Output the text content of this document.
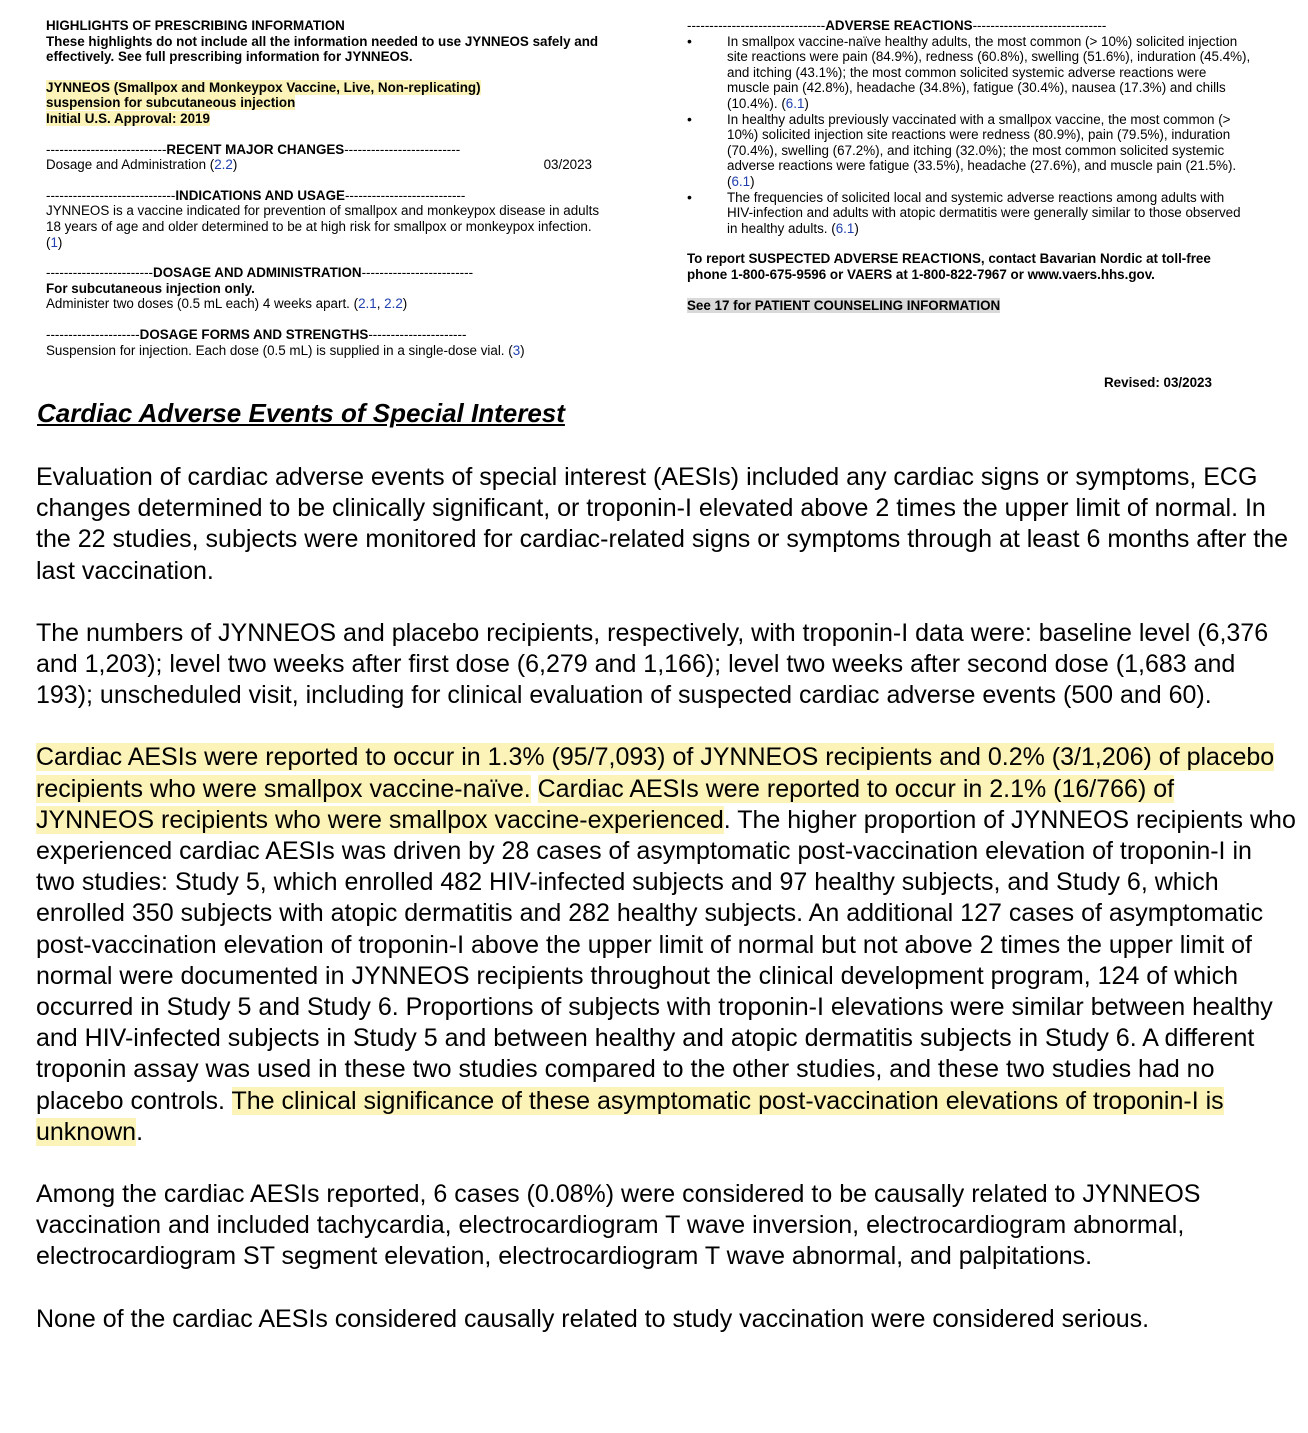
HIGHLIGHTS OF PRESCRIBING INFORMATION
These highlights do not include all the information needed to use JYNNEOS safely and effectively. See full prescribing information for JYNNEOS.
JYNNEOS (Smallpox and Monkeypox Vaccine, Live, Non-replicating) suspension for subcutaneous injection
Initial U.S. Approval: 2019
---------------------------RECENT MAJOR CHANGES--------------------------
Dosage and Administration (2.2)	03/2023
-----------------------------INDICATIONS AND USAGE---------------------------
JYNNEOS is a vaccine indicated for prevention of smallpox and monkeypox disease in adults 18 years of age and older determined to be at high risk for smallpox or monkeypox infection. (1)
------------------------DOSAGE AND ADMINISTRATION-------------------------
For subcutaneous injection only.
Administer two doses (0.5 mL each) 4 weeks apart. (2.1, 2.2)
---------------------DOSAGE FORMS AND STRENGTHS----------------------
Suspension for injection. Each dose (0.5 mL) is supplied in a single-dose vial. (3)
-------------------------------ADVERSE REACTIONS------------------------------
• In smallpox vaccine-naïve healthy adults, the most common (> 10%) solicited injection site reactions were pain (84.9%), redness (60.8%), swelling (51.6%), induration (45.4%), and itching (43.1%); the most common solicited systemic adverse reactions were muscle pain (42.8%), headache (34.8%), fatigue (30.4%), nausea (17.3%) and chills (10.4%). (6.1)
• In healthy adults previously vaccinated with a smallpox vaccine, the most common (> 10%) solicited injection site reactions were redness (80.9%), pain (79.5%), induration (70.4%), swelling (67.2%), and itching (32.0%); the most common solicited systemic adverse reactions were fatigue (33.5%), headache (27.6%), and muscle pain (21.5%). (6.1)
• The frequencies of solicited local and systemic adverse reactions among adults with HIV-infection and adults with atopic dermatitis were generally similar to those observed in healthy adults. (6.1)
To report SUSPECTED ADVERSE REACTIONS, contact Bavarian Nordic at toll-free phone 1-800-675-9596 or VAERS at 1-800-822-7967 or www.vaers.hhs.gov.
See 17 for PATIENT COUNSELING INFORMATION
Revised: 03/2023
Cardiac Adverse Events of Special Interest

Evaluation of cardiac adverse events of special interest (AESIs) included any cardiac signs or symptoms, ECG changes determined to be clinically significant, or troponin-I elevated above 2 times the upper limit of normal. In the 22 studies, subjects were monitored for cardiac-related signs or symptoms through at least 6 months after the last vaccination.

The numbers of JYNNEOS and placebo recipients, respectively, with troponin-I data were: baseline level (6,376 and 1,203); level two weeks after first dose (6,279 and 1,166); level two weeks after second dose (1,683 and 193); unscheduled visit, including for clinical evaluation of suspected cardiac adverse events (500 and 60).

Cardiac AESIs were reported to occur in 1.3% (95/7,093) of JYNNEOS recipients and 0.2% (3/1,206) of placebo recipients who were smallpox vaccine-naïve. Cardiac AESIs were reported to occur in 2.1% (16/766) of JYNNEOS recipients who were smallpox vaccine-experienced. The higher proportion of JYNNEOS recipients who experienced cardiac AESIs was driven by 28 cases of asymptomatic post-vaccination elevation of troponin-I in two studies: Study 5, which enrolled 482 HIV-infected subjects and 97 healthy subjects, and Study 6, which enrolled 350 subjects with atopic dermatitis and 282 healthy subjects. An additional 127 cases of asymptomatic post-vaccination elevation of troponin-I above the upper limit of normal but not above 2 times the upper limit of normal were documented in JYNNEOS recipients throughout the clinical development program, 124 of which occurred in Study 5 and Study 6. Proportions of subjects with troponin-I elevations were similar between healthy and HIV-infected subjects in Study 5 and between healthy and atopic dermatitis subjects in Study 6. A different troponin assay was used in these two studies compared to the other studies, and these two studies had no placebo controls. The clinical significance of these asymptomatic post-vaccination elevations of troponin-I is unknown.

Among the cardiac AESIs reported, 6 cases (0.08%) were considered to be causally related to JYNNEOS vaccination and included tachycardia, electrocardiogram T wave inversion, electrocardiogram abnormal, electrocardiogram ST segment elevation, electrocardiogram T wave abnormal, and palpitations.

None of the cardiac AESIs considered causally related to study vaccination were considered serious.
